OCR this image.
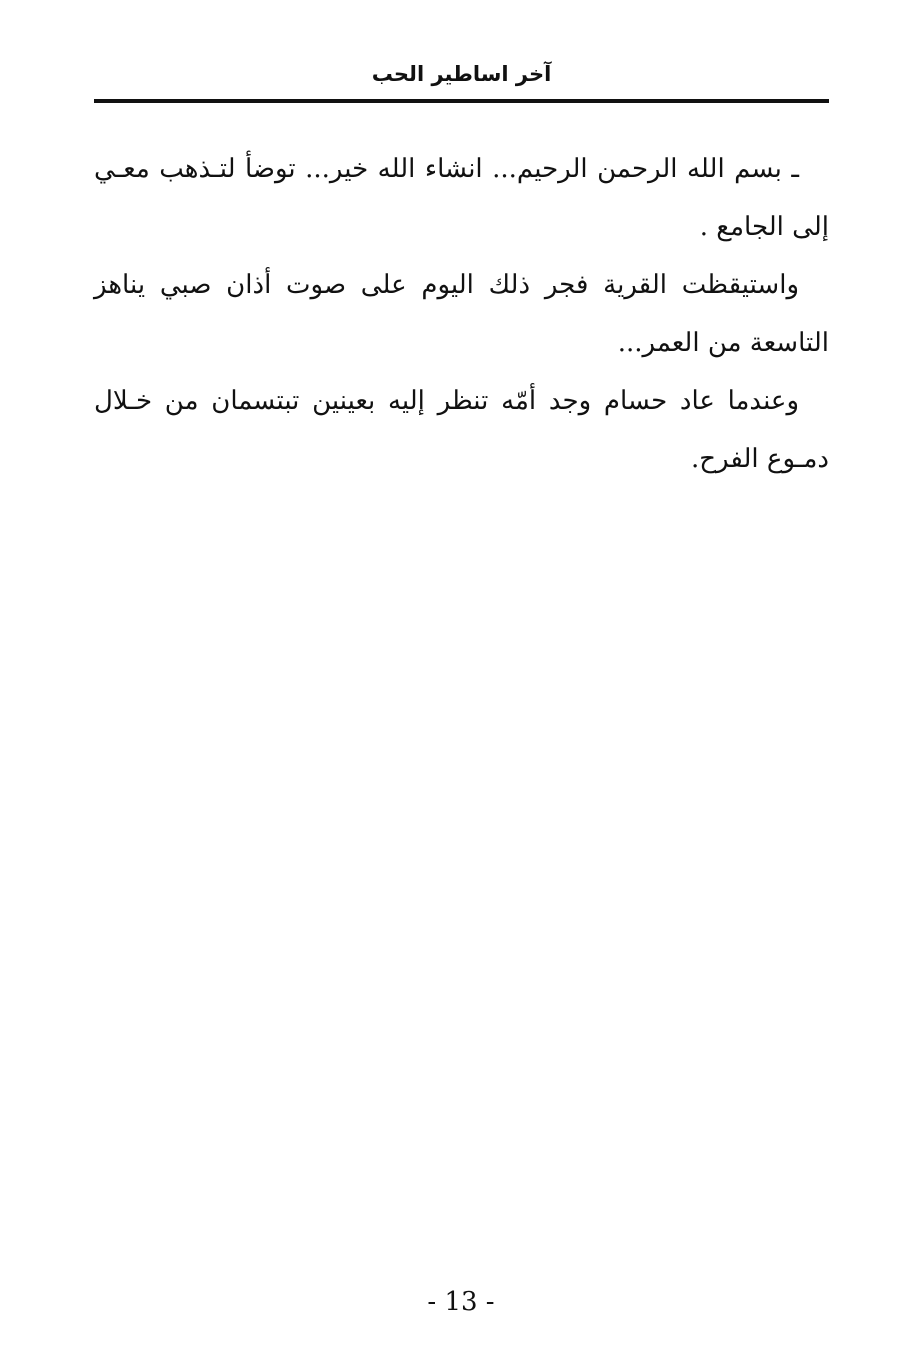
آخر اساطير الحب

ـ بسم الله الرحمن الرحيم... انشاء الله خير... توضأ لتـذهب معـي إلى الجامع .

واستيقظت القرية فجر ذلك اليوم على صوت أذان صبي يناهز التاسعة من العمر...

وعندما عاد حسام وجد أمّه تنظر إليه بعينين تبتسمان من خـلال دمـوع الفرح.

- 13 -
